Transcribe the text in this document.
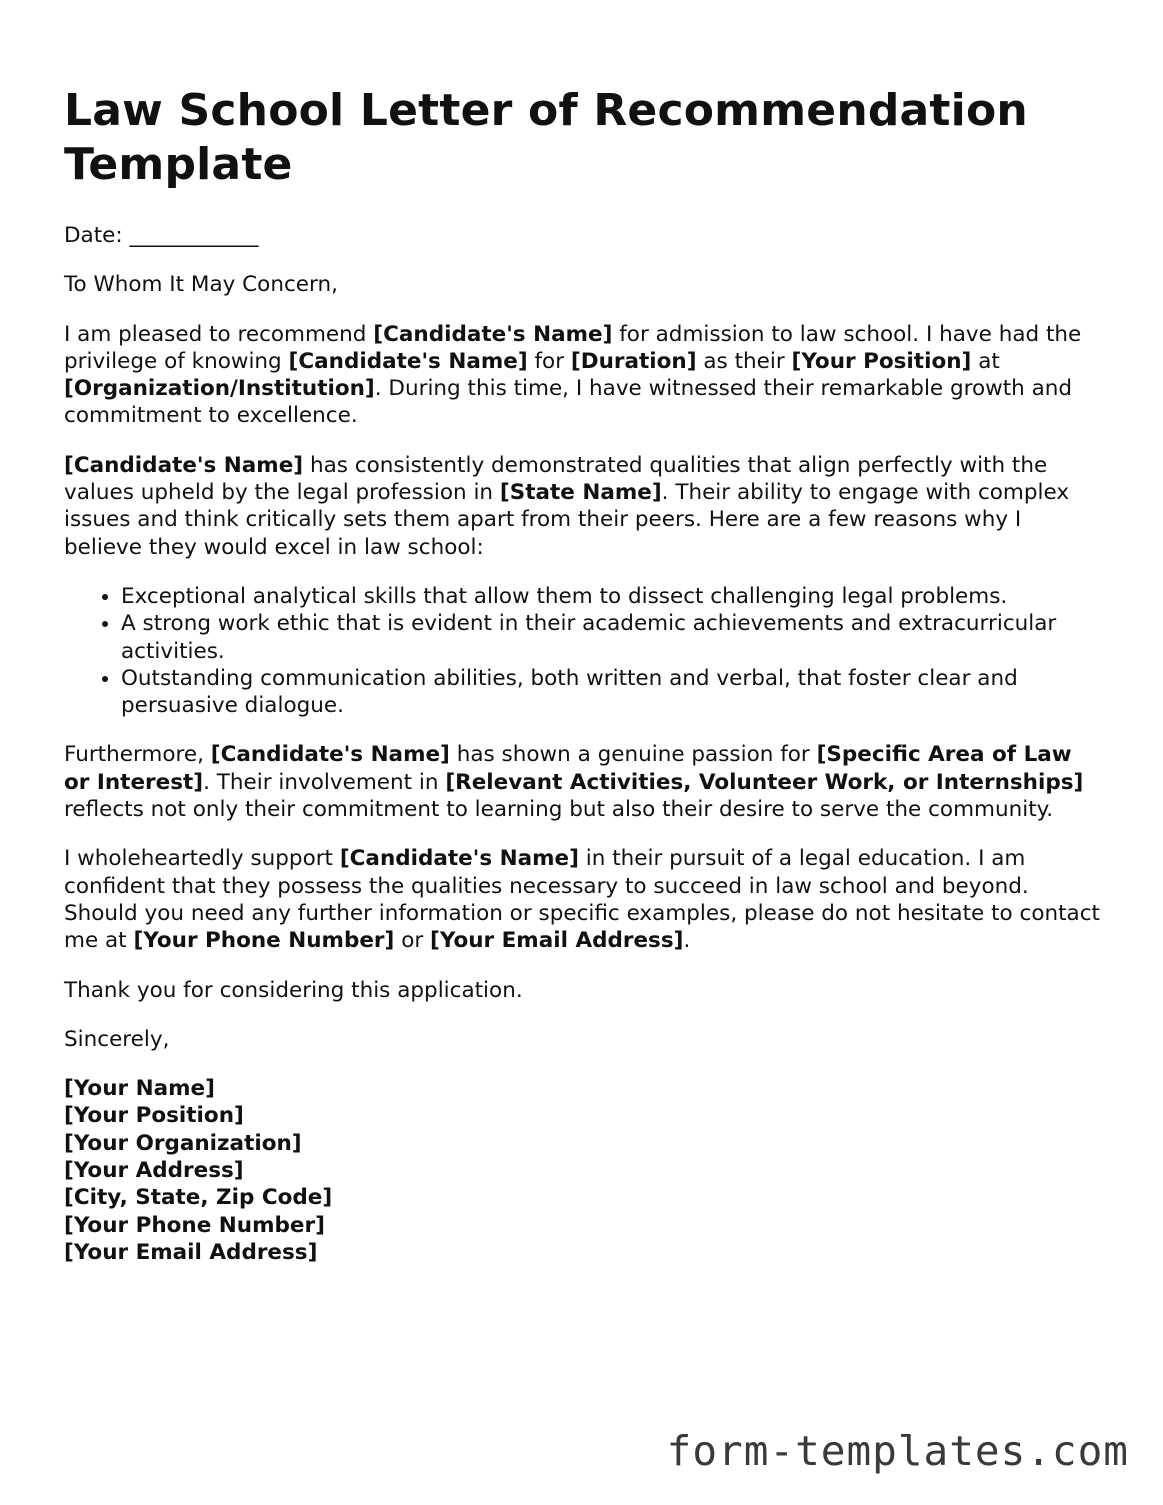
Law School Letter of Recommendation Template

Date: ____________

To Whom It May Concern,

I am pleased to recommend [Candidate's Name] for admission to law school. I have had the privilege of knowing [Candidate's Name] for [Duration] as their [Your Position] at [Organization/Institution]. During this time, I have witnessed their remarkable growth and commitment to excellence.

[Candidate's Name] has consistently demonstrated qualities that align perfectly with the values upheld by the legal profession in [State Name]. Their ability to engage with complex issues and think critically sets them apart from their peers. Here are a few reasons why I believe they would excel in law school:

• Exceptional analytical skills that allow them to dissect challenging legal problems.
• A strong work ethic that is evident in their academic achievements and extracurricular activities.
• Outstanding communication abilities, both written and verbal, that foster clear and persuasive dialogue.

Furthermore, [Candidate's Name] has shown a genuine passion for [Specific Area of Law or Interest]. Their involvement in [Relevant Activities, Volunteer Work, or Internships] reflects not only their commitment to learning but also their desire to serve the community.

I wholeheartedly support [Candidate's Name] in their pursuit of a legal education. I am confident that they possess the qualities necessary to succeed in law school and beyond. Should you need any further information or specific examples, please do not hesitate to contact me at [Your Phone Number] or [Your Email Address].

Thank you for considering this application.

Sincerely,

[Your Name]
[Your Position]
[Your Organization]
[Your Address]
[City, State, Zip Code]
[Your Phone Number]
[Your Email Address]
form-templates.com
